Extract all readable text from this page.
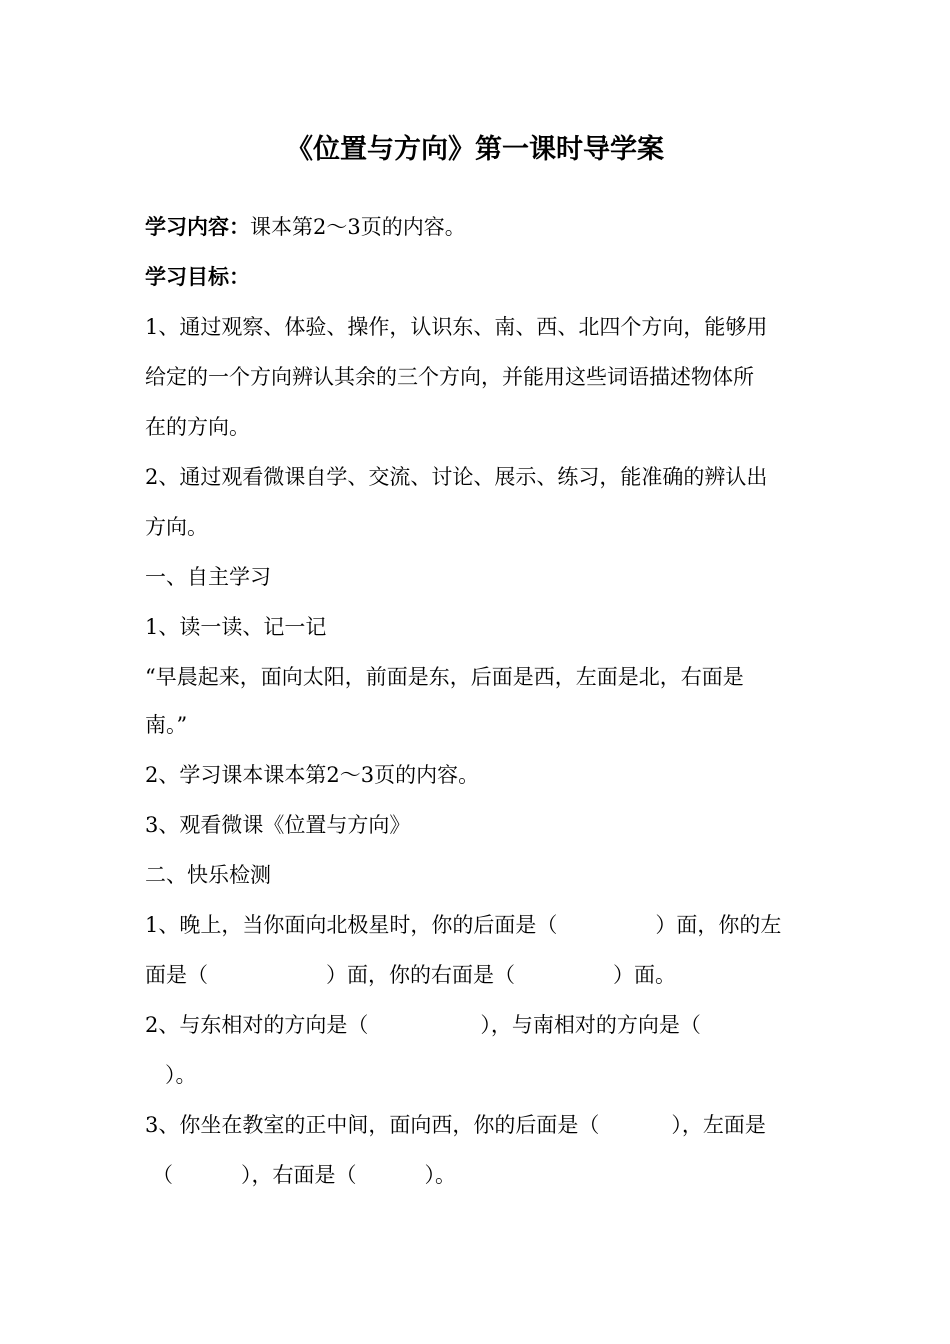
《位置与方向》第一课时导学案
学习内容：课本第2～3页的内容。
学习目标：
1、通过观察、体验、操作，认识东、南、西、北四个方向，能够用
给定的一个方向辨认其余的三个方向，并能用这些词语描述物体所
在的方向。
2、通过观看微课自学、交流、讨论、展示、练习，能准确的辨认出
方向。
一、自主学习
1、读一读、记一记
“早晨起来，面向太阳，前面是东，后面是西，左面是北，右面是
南。”
2、学习课本课本第2～3页的内容。
3、观看微课《位置与方向》
二、快乐检测
1、晚上，当你面向北极星时，你的后面是（	）面，你的左
面是（	）面，你的右面是（	）面。
2、与东相对的方向是（	），与南相对的方向是（
）。
3、你坐在教室的正中间，面向西，你的后面是（	），左面是
（	），右面是（	）。
